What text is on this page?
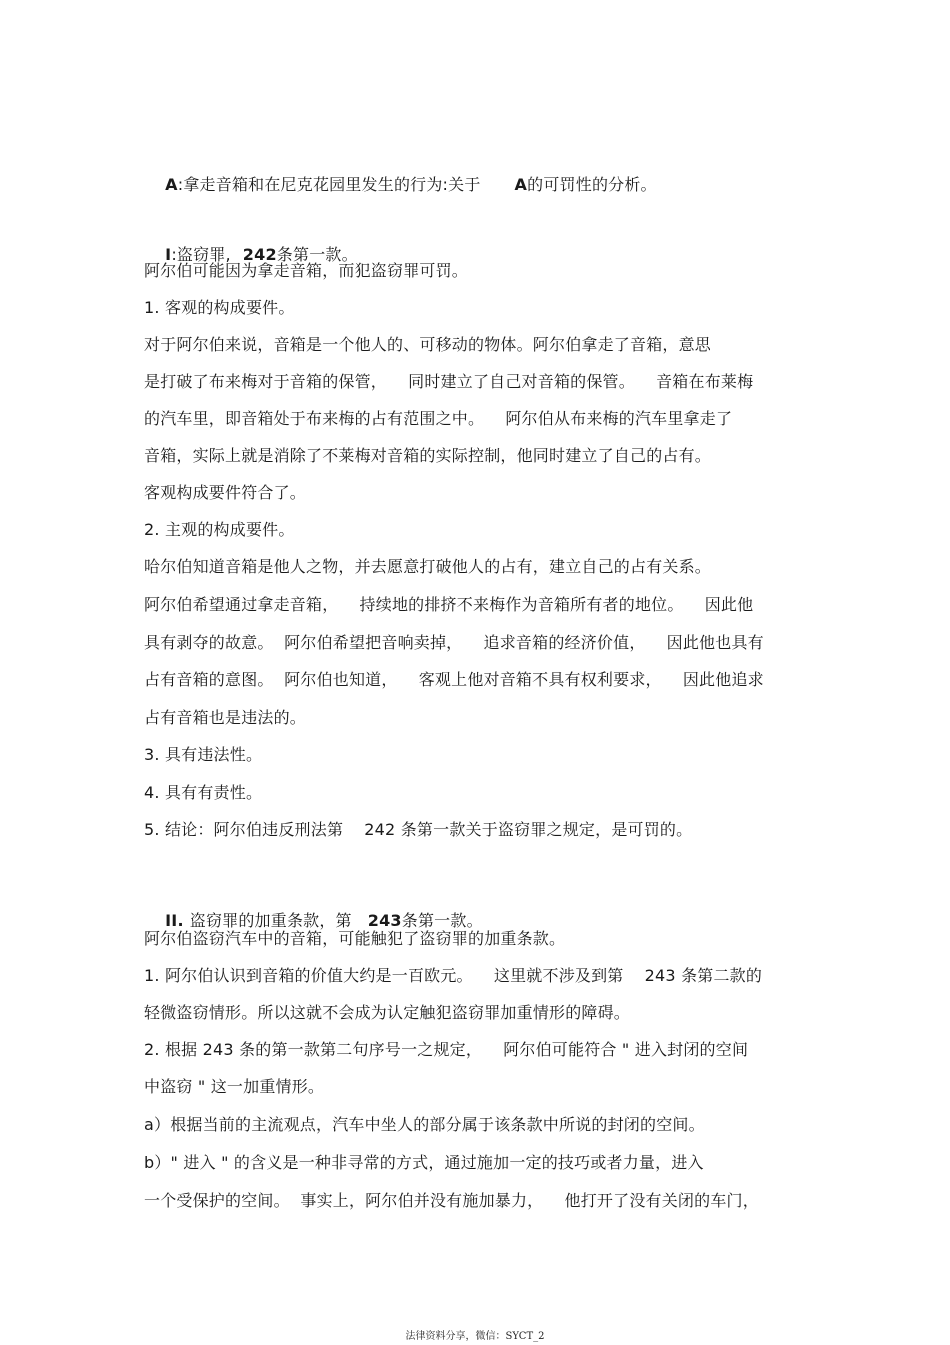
A:拿走音箱和在尼克花园里发生的行为:关于 A的可罚性的分析。

I:盗窃罪, 242条第一款。

阿尔伯可能因为拿走音箱，而犯盗窃罪可罚。
1. 客观的构成要件。
对于阿尔伯来说，音箱是一个他人的、可移动的物体。阿尔伯拿走了音箱，意思
是打破了布来梅对于音箱的保管，    同时建立了自己对音箱的保管。    音箱在布莱梅
的汽车里，即音箱处于布来梅的占有范围之中。    阿尔伯从布来梅的汽车里拿走了
音箱，实际上就是消除了不莱梅对音箱的实际控制，他同时建立了自己的占有。
客观构成要件符合了。
2. 主观的构成要件。
哈尔伯知道音箱是他人之物，并去愿意打破他人的占有，建立自己的占有关系。
阿尔伯希望通过拿走音箱，    持续地的排挤不来梅作为音箱所有者的地位。    因此他
具有剥夺的故意。  阿尔伯希望把音响卖掉，    追求音箱的经济价值，    因此他也具有
占有音箱的意图。  阿尔伯也知道，    客观上他对音箱不具有权利要求，    因此他追求
占有音箱也是违法的。
3. 具有违法性。
4. 具有有责性。
5. 结论：阿尔伯违反刑法第    242 条第一款关于盗窃罪之规定，是可罚的。

II. 盗窃罪的加重条款，第 243条第一款。

阿尔伯盗窃汽车中的音箱，可能触犯了盗窃罪的加重条款。
1. 阿尔伯认识到音箱的价值大约是一百欧元。    这里就不涉及到第    243 条第二款的
轻微盗窃情形。所以这就不会成为认定触犯盗窃罪加重情形的障碍。
2. 根据 243 条的第一款第二句序号一之规定，    阿尔伯可能符合 " 进入封闭的空间
中盗窃 " 这一加重情形。
a）根据当前的主流观点，汽车中坐人的部分属于该条款中所说的封闭的空间。
b）" 进入 " 的含义是一种非寻常的方式，通过施加一定的技巧或者力量，进入
一个受保护的空间。  事实上，阿尔伯并没有施加暴力，    他打开了没有关闭的车门，
法律资料分享，微信：SYCT_2
